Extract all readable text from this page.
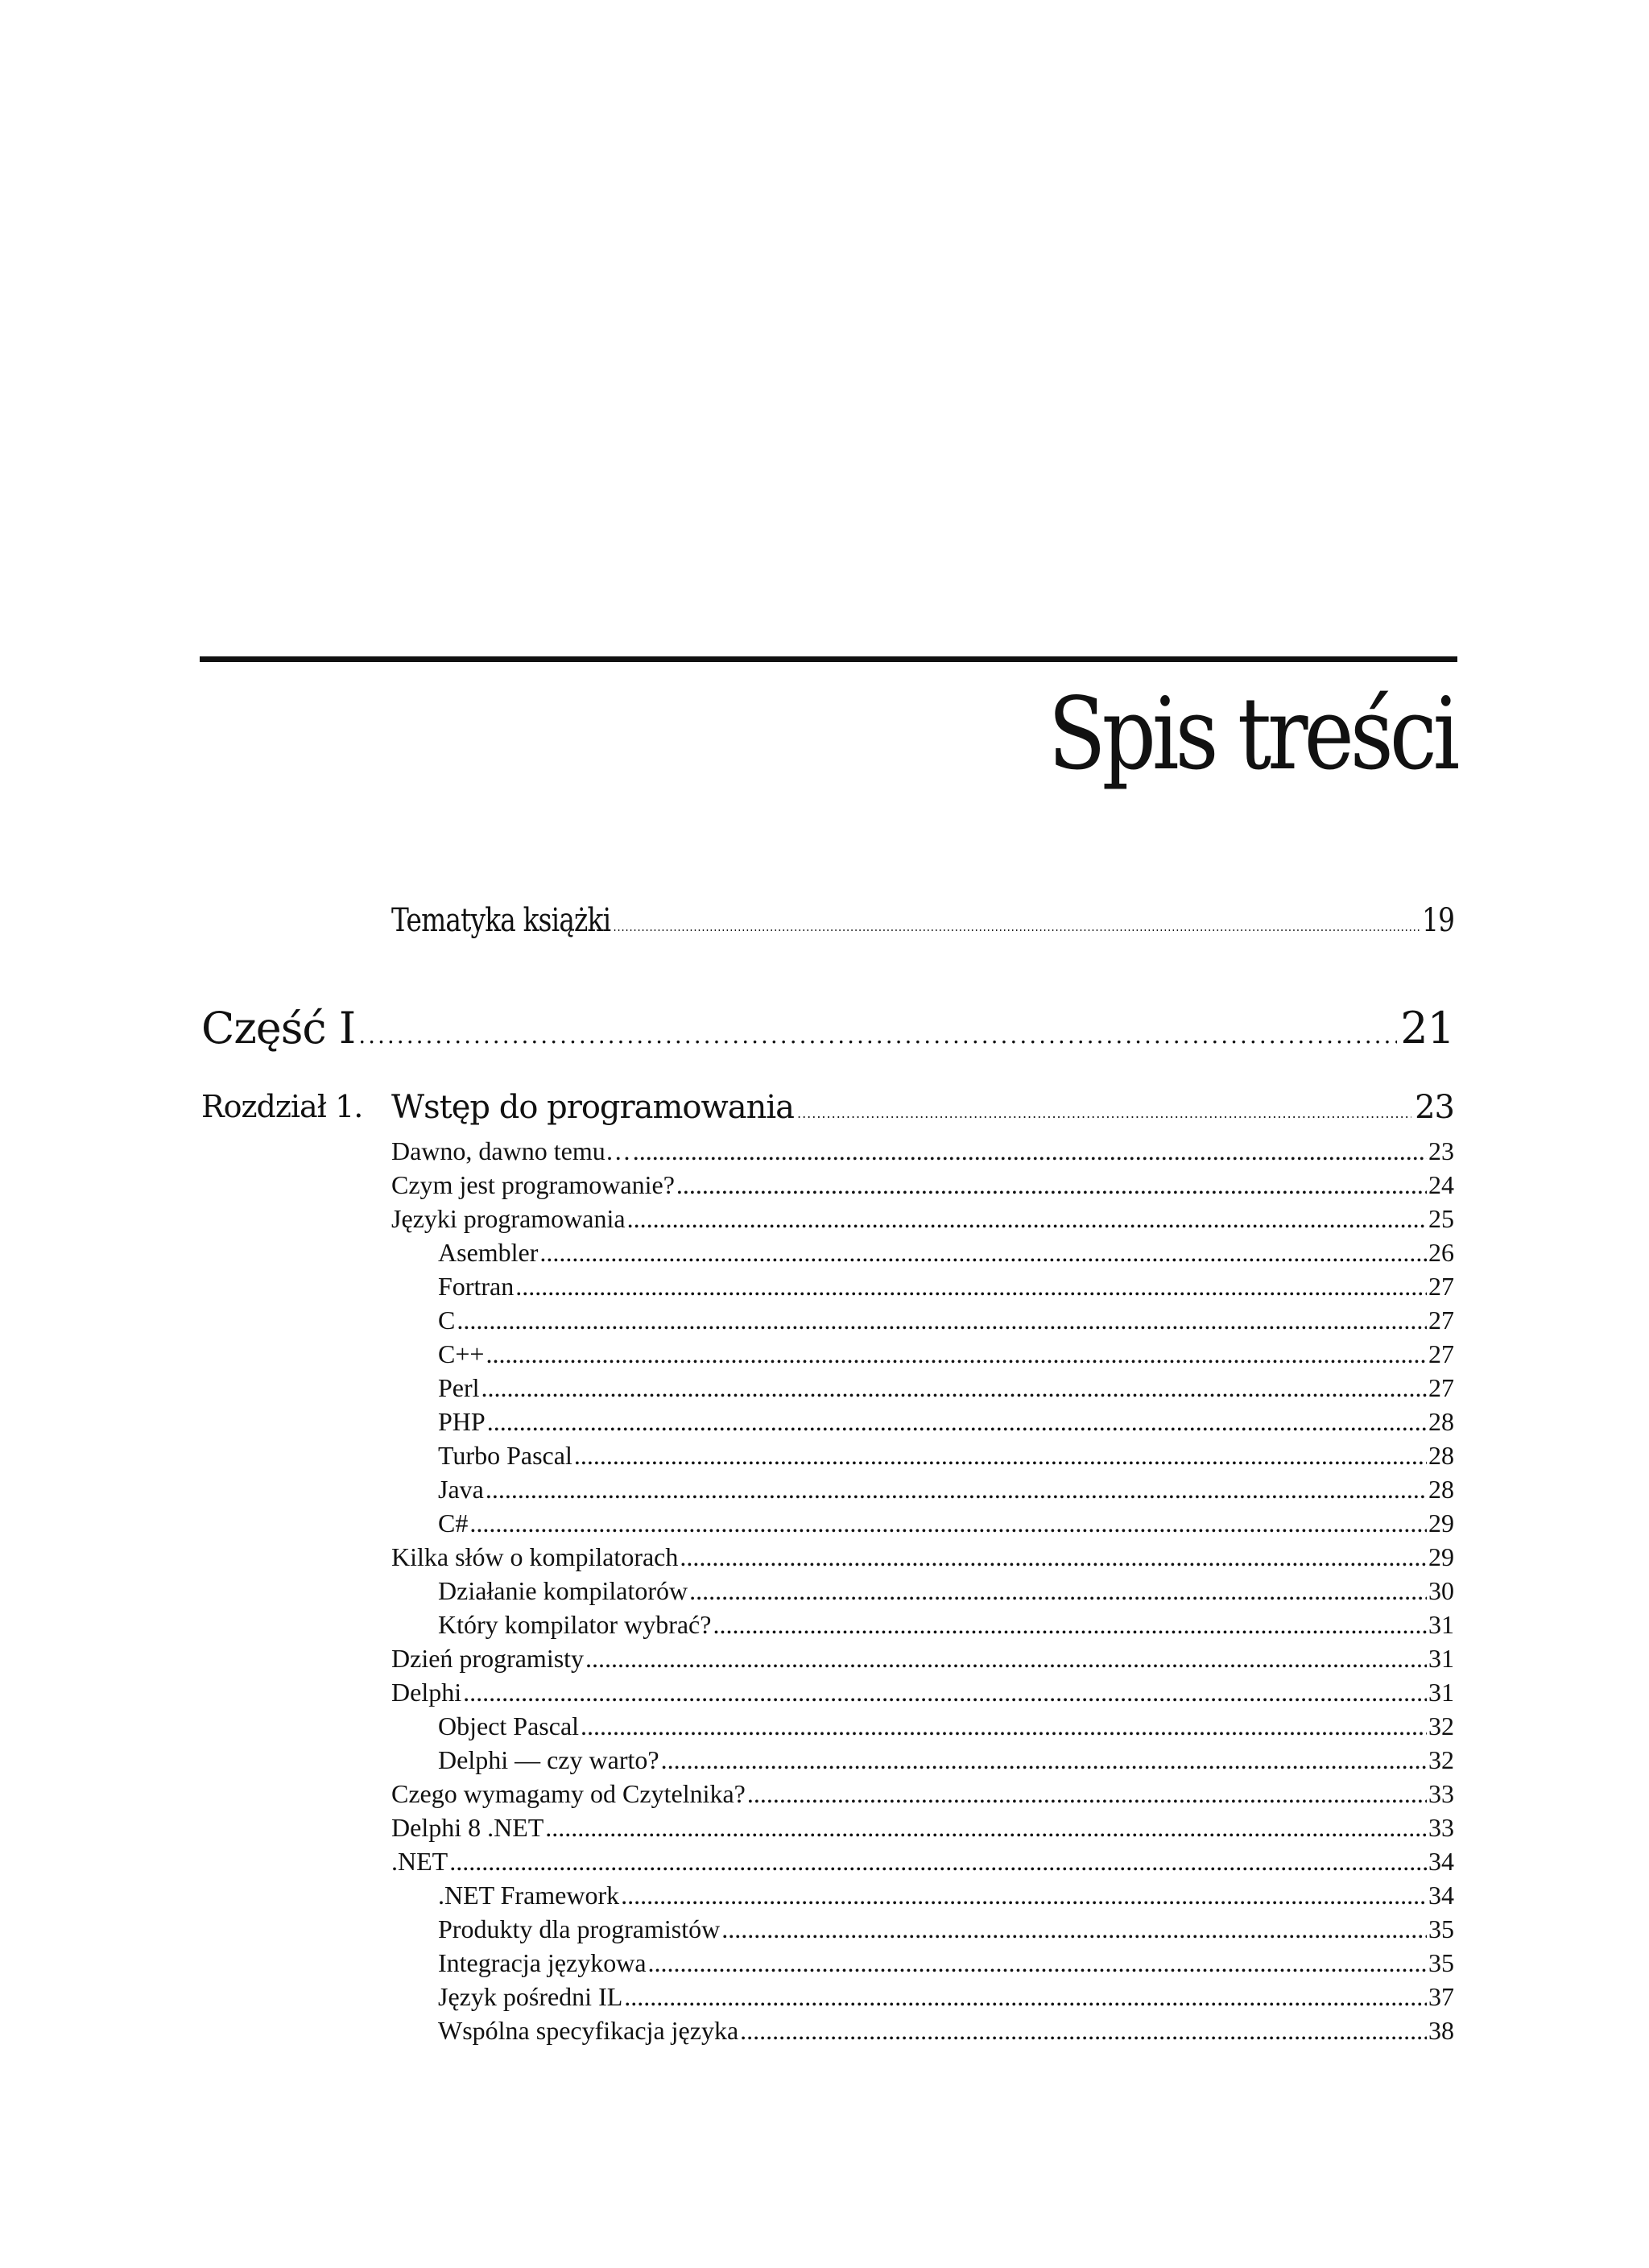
Spis treści
Tematyka książki .....	19
Część I .....	21
Rozdział 1. Wstęp do programowania .....	23
Dawno, dawno temu… .....	23
Czym jest programowanie? .....	24
Języki programowania .....	25
Asembler .....	26
Fortran .....	27
C .....	27
C++ .....	27
Perl .....	27
PHP .....	28
Turbo Pascal .....	28
Java .....	28
C# .....	29
Kilka słów o kompilatorach .....	29
Działanie kompilatorów .....	30
Który kompilator wybrać? .....	31
Dzień programisty .....	31
Delphi .....	31
Object Pascal .....	32
Delphi — czy warto? .....	32
Czego wymagamy od Czytelnika? .....	33
Delphi 8 .NET .....	33
.NET .....	34
.NET Framework .....	34
Produkty dla programistów .....	35
Integracja językowa .....	35
Język pośredni IL .....	37
Wspólna specyfikacja języka .....	38
